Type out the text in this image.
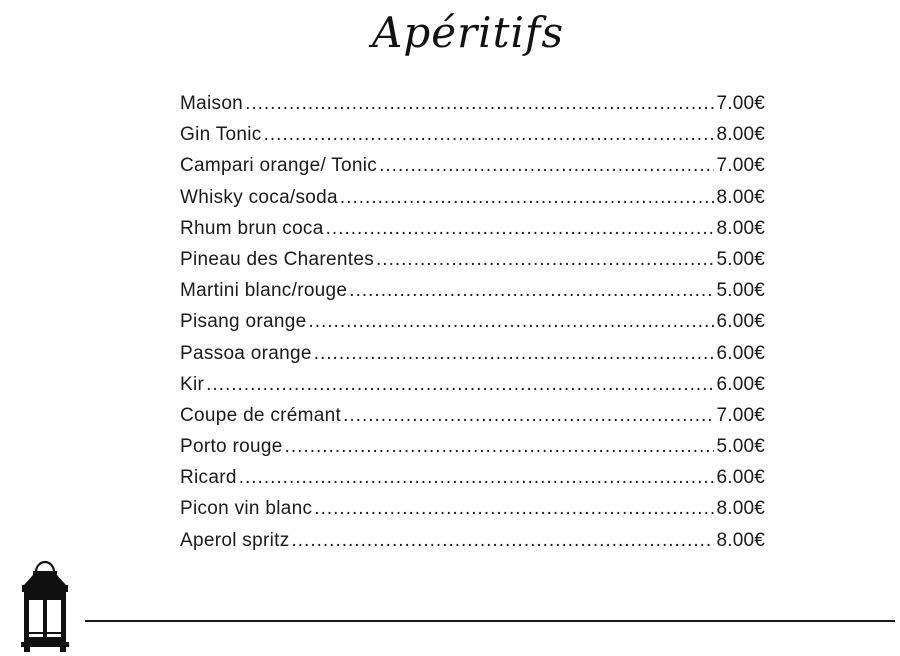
Apéritifs
Maison .....	7.00€
Gin Tonic .....	8.00€
Campari orange/ Tonic .....	7.00€
Whisky coca/soda .....	8.00€
Rhum brun coca .....	8.00€
Pineau des Charentes .....	5.00€
Martini blanc/rouge .....	5.00€
Pisang orange .....	6.00€
Passoa orange .....	6.00€
Kir .....	6.00€
Coupe de crémant .....	7.00€
Porto rouge .....	5.00€
Ricard .....	6.00€
Picon vin blanc .....	8.00€
Aperol spritz .....	8.00€
